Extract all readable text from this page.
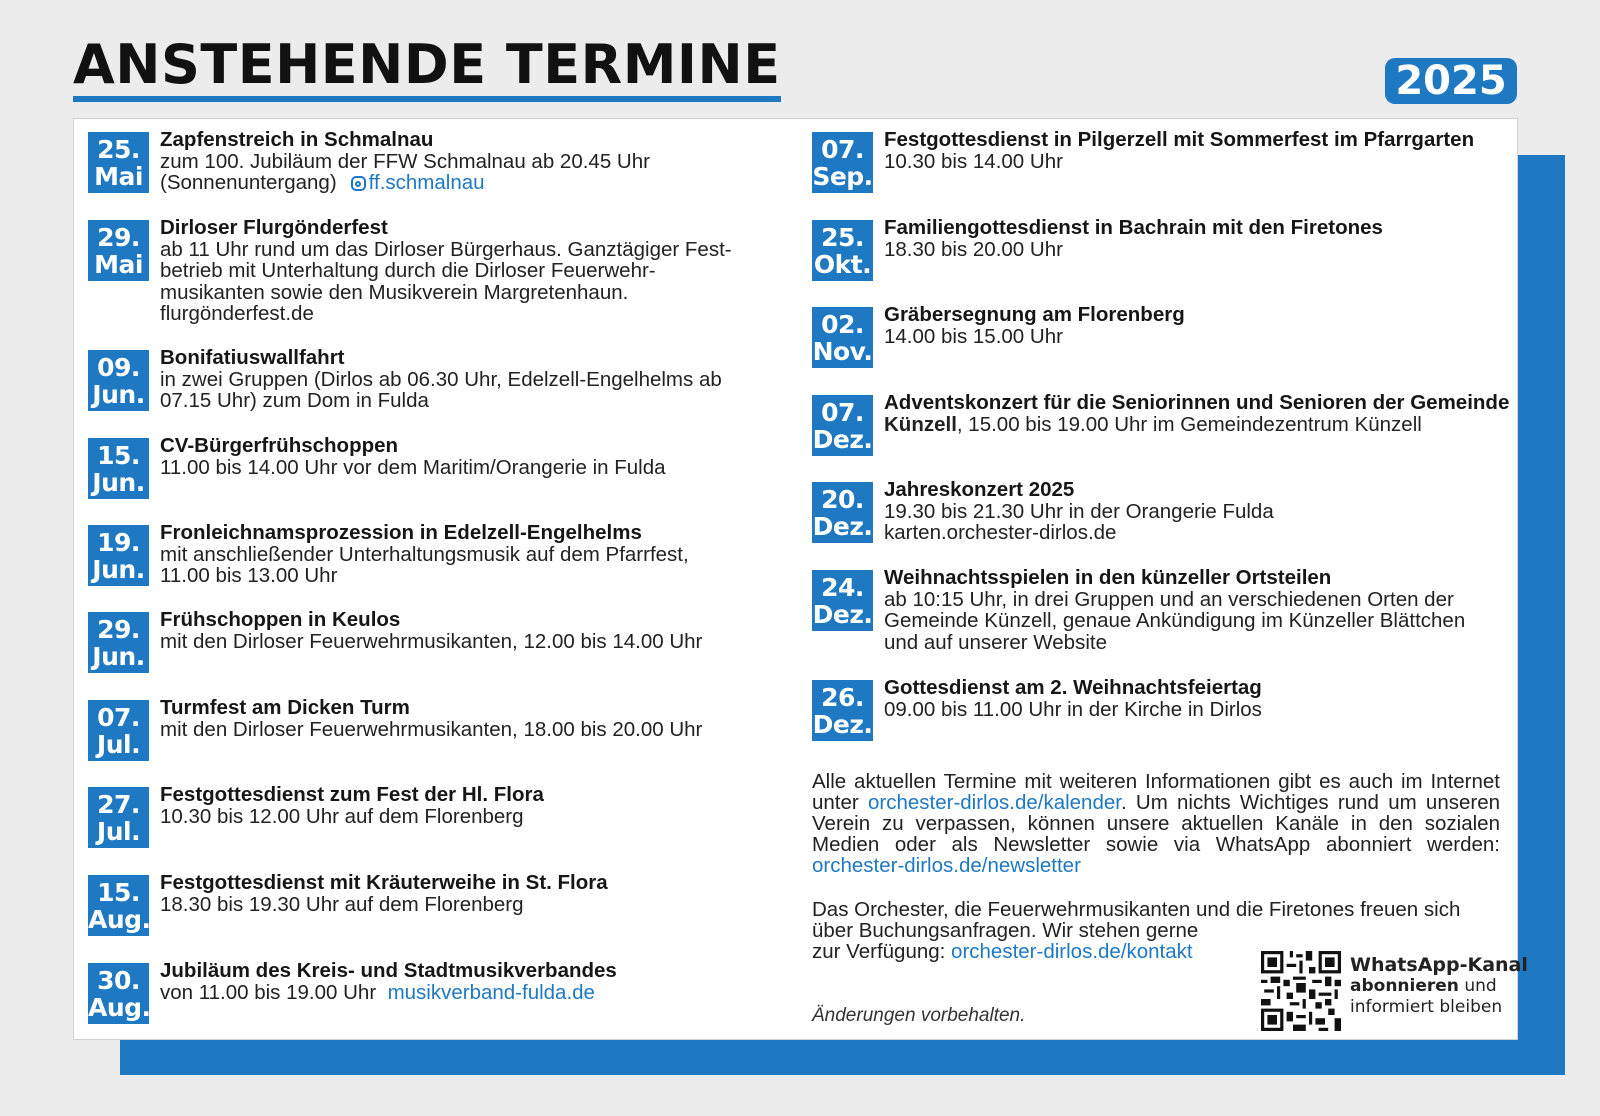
ANSTEHENDE TERMINE	2025
25.
Mai
Zapfenstreich in Schmalnau
zum 100. Jubiläum der FFW Schmalnau ab 20.45 Uhr
(Sonnenuntergang) ff.schmalnau
29.
Mai
Dirloser Flurgönderfest
ab 11 Uhr rund um das Dirloser Bürgerhaus. Ganztägiger Fest-
betrieb mit Unterhaltung durch die Dirloser Feuerwehr-
musikanten sowie den Musikverein Margretenhaun.
flurgönderfest.de
09.
Jun.
Bonifatiuswallfahrt
in zwei Gruppen (Dirlos ab 06.30 Uhr, Edelzell-Engelhelms ab
07.15 Uhr) zum Dom in Fulda
15.
Jun.
CV-Bürgerfrühschoppen
11.00 bis 14.00 Uhr vor dem Maritim/Orangerie in Fulda
19.
Jun.
Fronleichnamsprozession in Edelzell-Engelhelms
mit anschließender Unterhaltungsmusik auf dem Pfarrfest,
11.00 bis 13.00 Uhr
29.
Jun.
Frühschoppen in Keulos
mit den Dirloser Feuerwehrmusikanten, 12.00 bis 14.00 Uhr
07.
Jul.
Turmfest am Dicken Turm
mit den Dirloser Feuerwehrmusikanten, 18.00 bis 20.00 Uhr
27.
Jul.
Festgottesdienst zum Fest der Hl. Flora
10.30 bis 12.00 Uhr auf dem Florenberg
15.
Aug.
Festgottesdienst mit Kräuterweihe in St. Flora
18.30 bis 19.30 Uhr auf dem Florenberg
30.
Aug.
Jubiläum des Kreis- und Stadtmusikverbandes
von 11.00 bis 19.00 Uhr musikverband-fulda.de
07.
Sep.
Festgottesdienst in Pilgerzell mit Sommerfest im Pfarrgarten
10.30 bis 14.00 Uhr
25.
Okt.
Familiengottesdienst in Bachrain mit den Firetones
18.30 bis 20.00 Uhr
02.
Nov.
Gräbersegnung am Florenberg
14.00 bis 15.00 Uhr
07.
Dez.
Adventskonzert für die Seniorinnen und Senioren der Gemeinde
Künzell, 15.00 bis 19.00 Uhr im Gemeindezentrum Künzell
20.
Dez.
Jahreskonzert 2025
19.30 bis 21.30 Uhr in der Orangerie Fulda
karten.orchester-dirlos.de
24.
Dez.
Weihnachtsspielen in den künzeller Ortsteilen
ab 10:15 Uhr, in drei Gruppen und an verschiedenen Orten der
Gemeinde Künzell, genaue Ankündigung im Künzeller Blättchen
und auf unserer Website
26.
Dez.
Gottesdienst am 2. Weihnachtsfeiertag
09.00 bis 11.00 Uhr in der Kirche in Dirlos
Alle aktuellen Termine mit weiteren Informationen gibt es auch im Internet unter orchester-dirlos.de/kalender. Um nichts Wichtiges rund um unseren Verein zu verpassen, können unsere aktuellen Kanäle in den sozialen Medien oder als Newsletter sowie via WhatsApp abonniert werden: orchester-dirlos.de/newsletter
Das Orchester, die Feuerwehrmusikanten und die Firetones freuen sich
über Buchungsanfragen. Wir stehen gerne
zur Verfügung: orchester-dirlos.de/kontakt
Änderungen vorbehalten.
WhatsApp-Kanal
abonnieren und
informiert bleiben
